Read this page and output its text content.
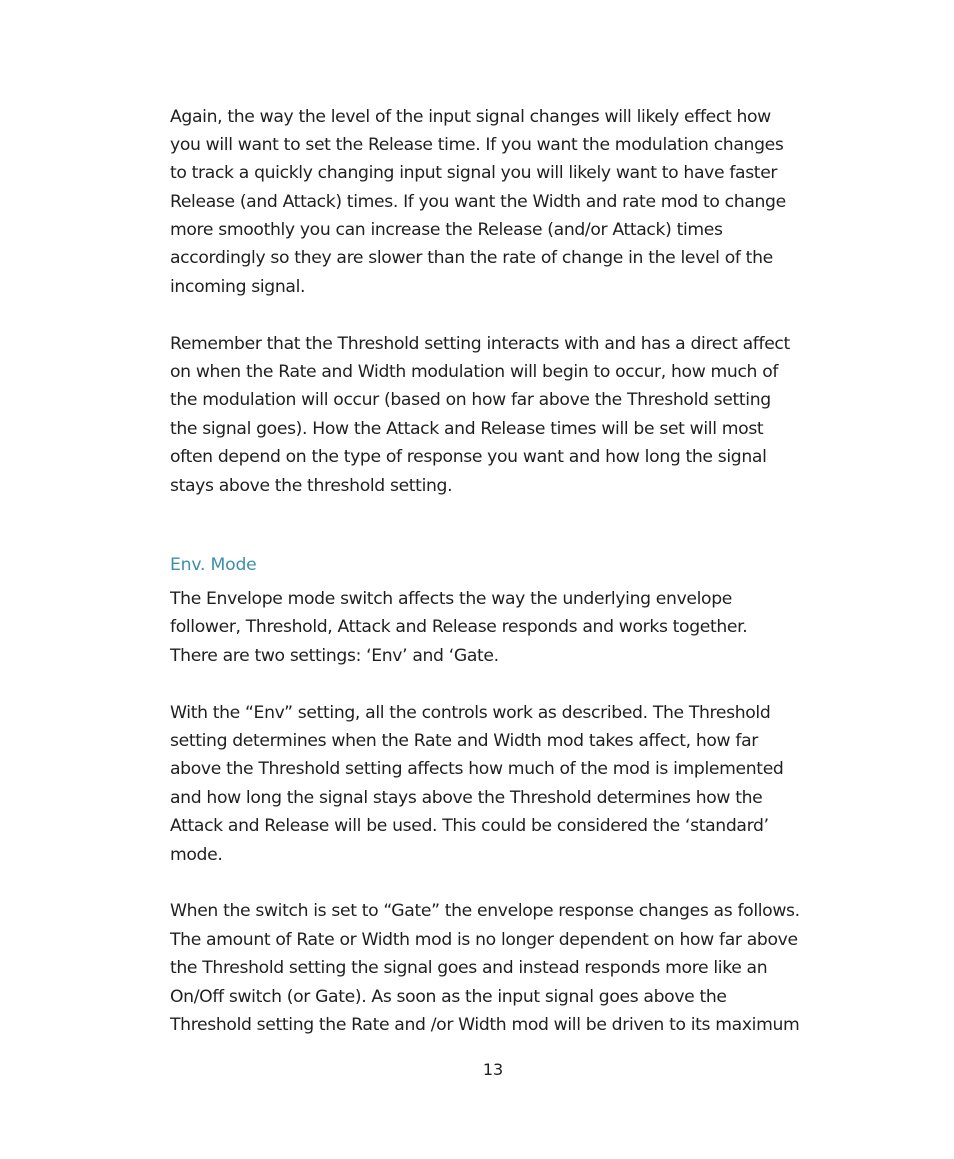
Again, the way the level of the input signal changes will likely effect how
you will want to set the Release time. If you want the modulation changes
to track a quickly changing input signal you will likely want to have faster
Release (and Attack) times. If you want the Width and rate mod to change
more smoothly you can increase the Release (and/or Attack) times
accordingly so they are slower than the rate of change in the level of the
incoming signal.
Remember that the Threshold setting interacts with and has a direct affect
on when the Rate and Width modulation will begin to occur, how much of
the modulation will occur (based on how far above the Threshold setting
the signal goes). How the Attack and Release times will be set will most
often depend on the type of response you want and how long the signal
stays above the threshold setting.
Env. Mode
The Envelope mode switch affects the way the underlying envelope
follower, Threshold, Attack and Release responds and works together.
There are two settings: ‘Env’ and ‘Gate.
With the “Env” setting, all the controls work as described. The Threshold
setting determines when the Rate and Width mod takes affect, how far
above the Threshold setting affects how much of the mod is implemented
and how long the signal stays above the Threshold determines how the
Attack and Release will be used. This could be considered the ‘standard’
mode.
When the switch is set to “Gate” the envelope response changes as follows.
The amount of Rate or Width mod is no longer dependent on how far above
the Threshold setting the signal goes and instead responds more like an
On/Off switch (or Gate). As soon as the input signal goes above the
Threshold setting the Rate and /or Width mod will be driven to its maximum
13
